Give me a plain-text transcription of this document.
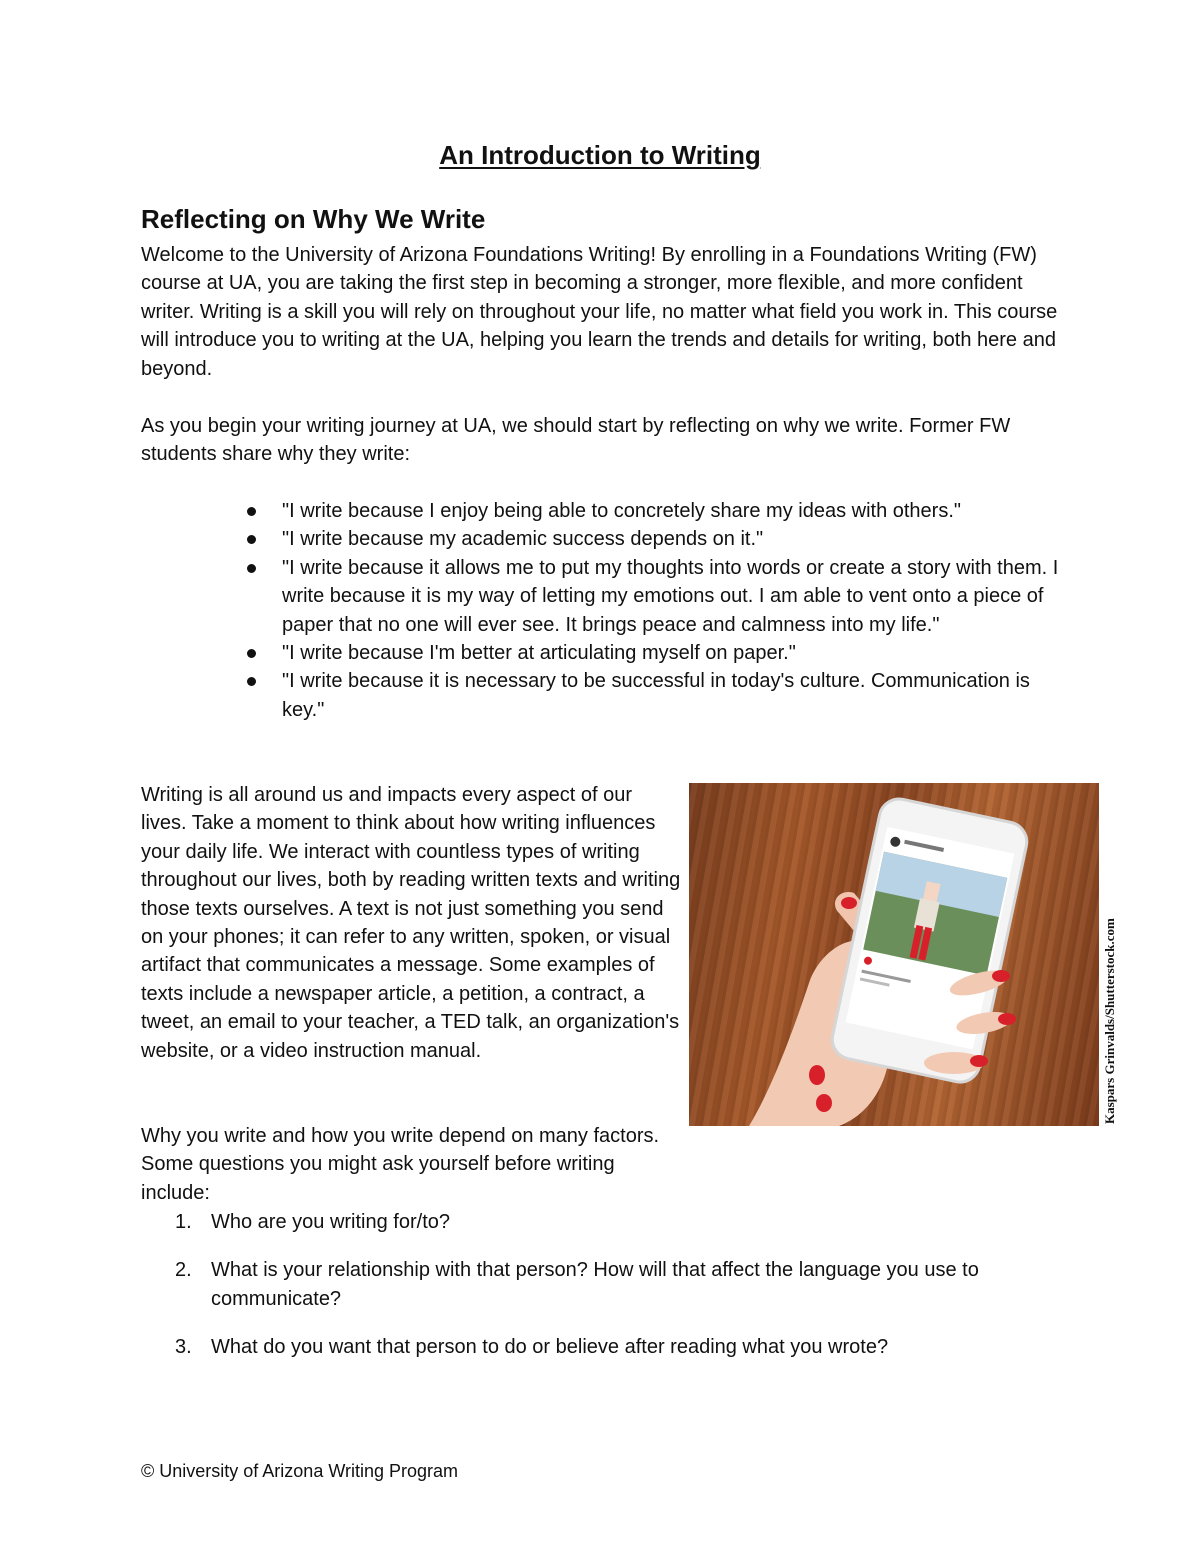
An Introduction to Writing
Reflecting on Why We Write

Welcome to the University of Arizona Foundations Writing! By enrolling in a Foundations Writing (FW) course at UA, you are taking the first step in becoming a stronger, more flexible, and more confident writer. Writing is a skill you will rely on throughout your life, no matter what field you work in. This course will introduce you to writing at the UA, helping you learn the trends and details for writing, both here and beyond.

As you begin your writing journey at UA, we should start by reflecting on why we write. Former FW students share why they write:

"I write because I enjoy being able to concretely share my ideas with others."
"I write because my academic success depends on it."
"I write because it allows me to put my thoughts into words or create a story with them. I write because it is my way of letting my emotions out. I am able to vent onto a piece of paper that no one will ever see. It brings peace and calmness into my life."
"I write because I'm better at articulating myself on paper."
"I write because it is necessary to be successful in today's culture. Communication is key."

Writing is all around us and impacts every aspect of our lives. Take a moment to think about how writing influences your daily life. We interact with countless types of writing throughout our lives, both by reading written texts and writing those texts ourselves. A text is not just something you send on your phones; it can refer to any written, spoken, or visual artifact that communicates a message. Some examples of texts include a newspaper article, a petition, a contract, a tweet, an email to your teacher, a TED talk, an organization's website, or a video instruction manual.	Kaspars Grinvalds/Shutterstock.com

Why you write and how you write depend on many factors. Some questions you might ask yourself before writing include:

1. Who are you writing for/to?
2. What is your relationship with that person? How will that affect the language you use to communicate?
3. What do you want that person to do or believe after reading what you wrote?
© University of Arizona Writing Program
